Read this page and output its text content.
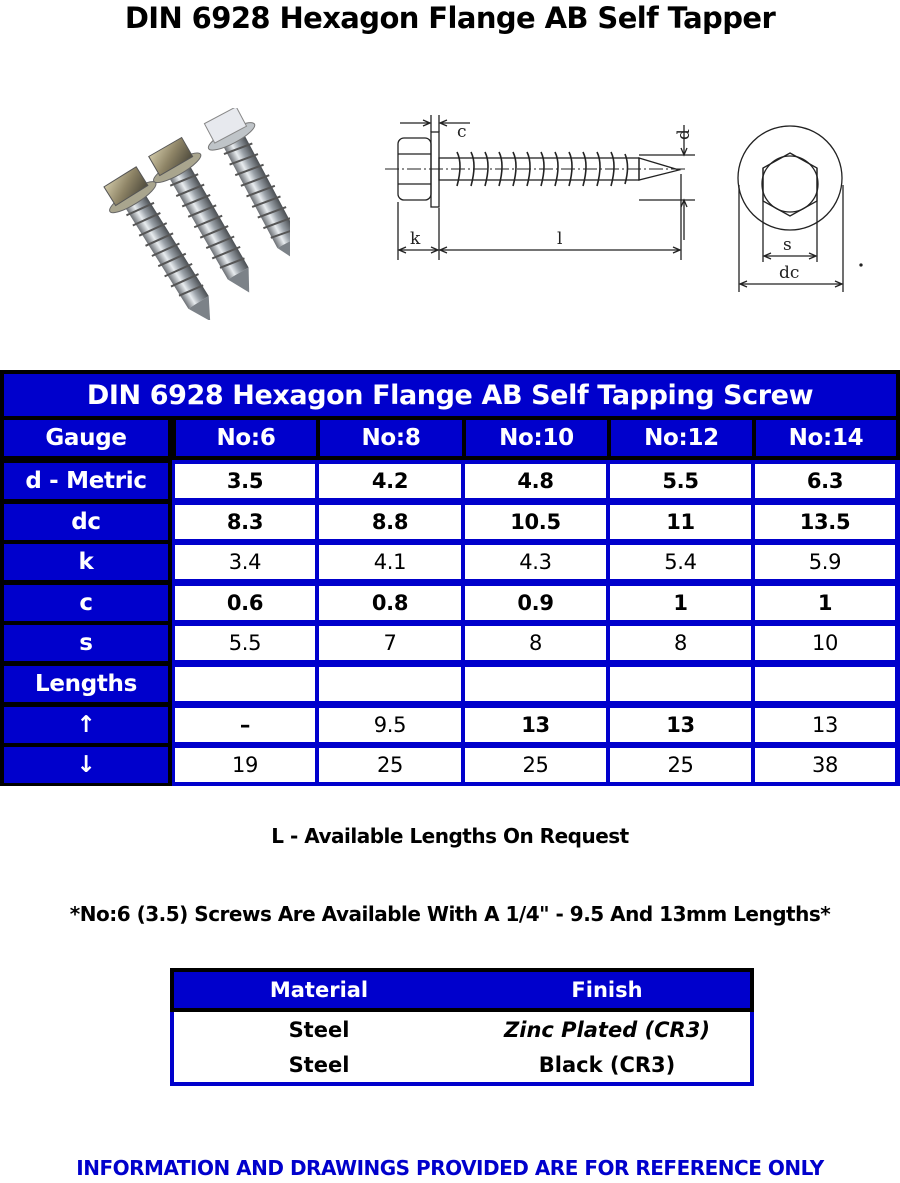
DIN 6928 Hexagon Flange AB Self Tapper
c	d
k	l	s
dc
DIN 6928 Hexagon Flange AB Self Tapping Screw
Gauge	No:6	No:8	No:10	No:12	No:14
d - Metric	3.5	4.2	4.8	5.5	6.3
dc	8.3	8.8	10.5	11	13.5
k	3.4	4.1	4.3	5.4	5.9
c	0.6	0.8	0.9	1	1
s	5.5	7	8	8	10
Lengths
↑	–	9.5	13	13	13
↓	19	25	25	25	38
L - Available Lengths On Request
*No:6 (3.5) Screws Are Available With A 1/4" - 9.5 And 13mm Lengths*
Material	Finish
Steel	Zinc Plated (CR3)
Steel	Black (CR3)
INFORMATION AND DRAWINGS PROVIDED ARE FOR REFERENCE ONLY
